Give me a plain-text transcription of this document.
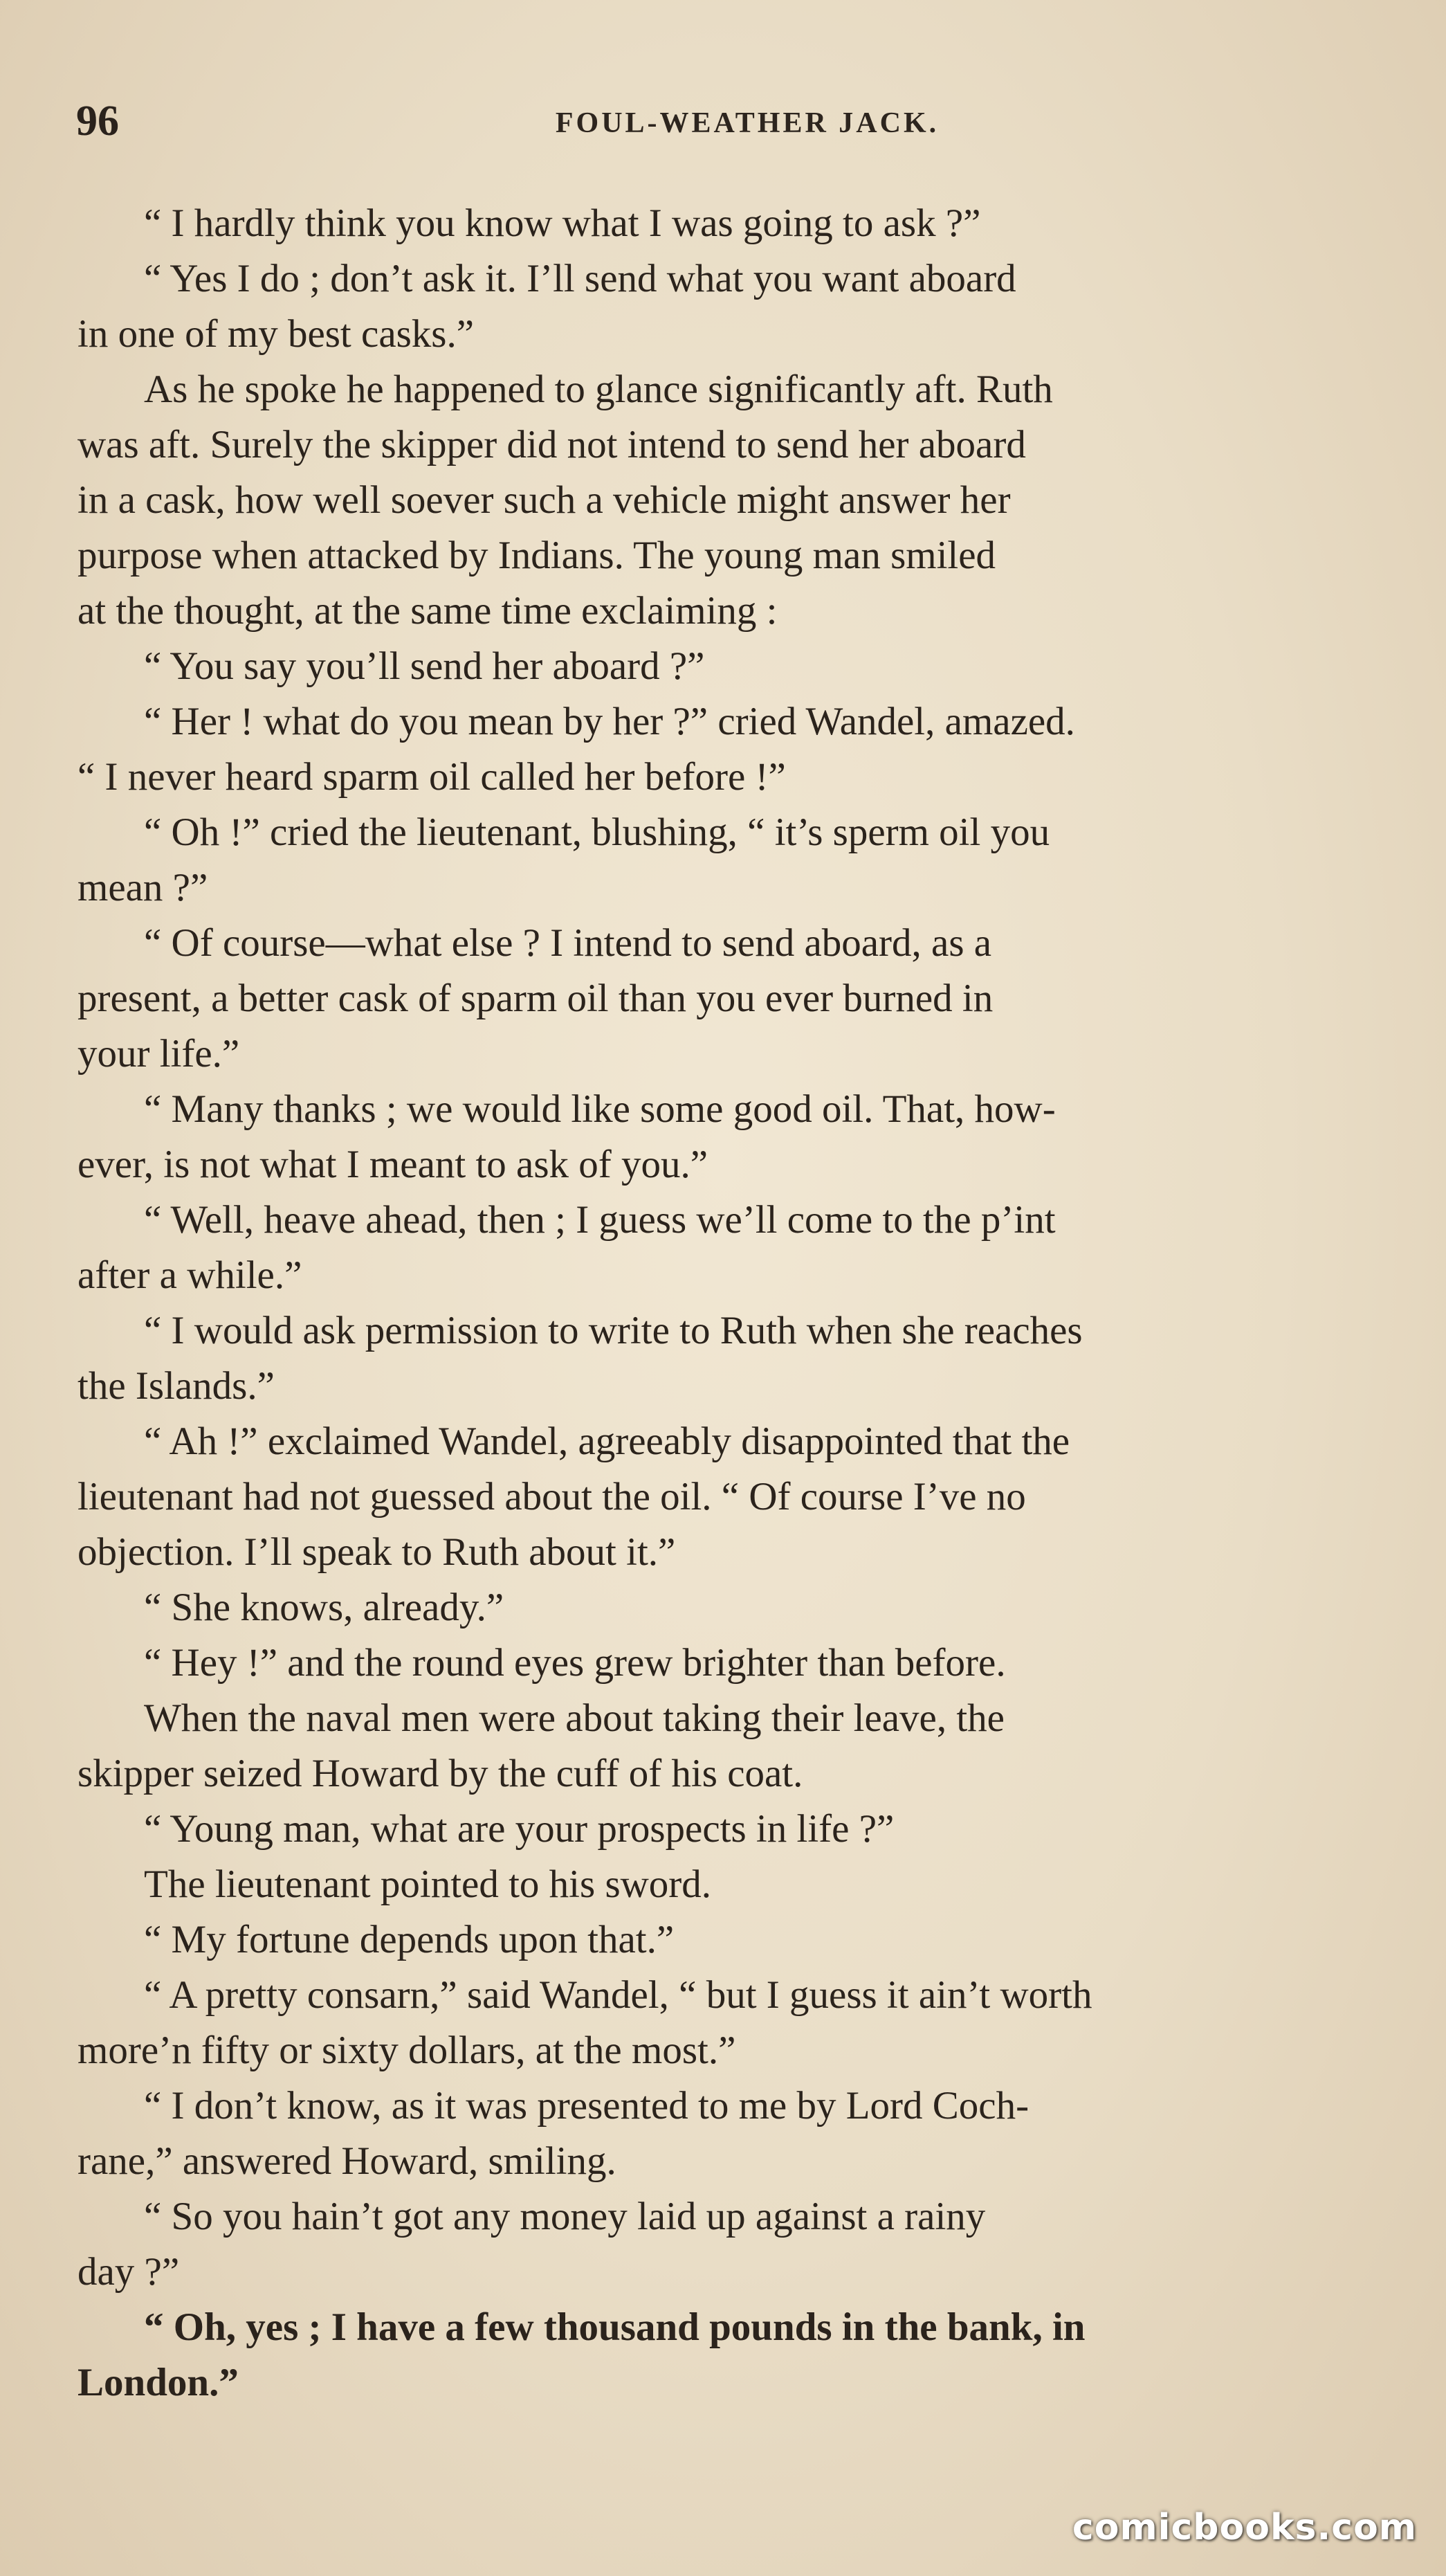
96	FOUL-WEATHER JACK.
“ I hardly think you know what I was going to ask ?”
“ Yes I do ; don’t ask it. I’ll send what you want aboard
in one of my best casks.”
As he spoke he happened to glance significantly aft. Ruth
was aft. Surely the skipper did not intend to send her aboard
in a cask, how well soever such a vehicle might answer her
purpose when attacked by Indians. The young man smiled
at the thought, at the same time exclaiming :
“ You say you’ll send her aboard ?”
“ Her ! what do you mean by her ?” cried Wandel, amazed.
“ I never heard sparm oil called her before !”
“ Oh !” cried the lieutenant, blushing, “ it’s sperm oil you
mean ?”
“ Of course—what else ? I intend to send aboard, as a
present, a better cask of sparm oil than you ever burned in
your life.”
“ Many thanks ; we would like some good oil. That, how-
ever, is not what I meant to ask of you.”
“ Well, heave ahead, then ; I guess we’ll come to the p’int
after a while.”
“ I would ask permission to write to Ruth when she reaches
the Islands.”
“ Ah !” exclaimed Wandel, agreeably disappointed that the
lieutenant had not guessed about the oil. “ Of course I’ve no
objection. I’ll speak to Ruth about it.”
“ She knows, already.”
“ Hey !” and the round eyes grew brighter than before.
When the naval men were about taking their leave, the
skipper seized Howard by the cuff of his coat.
“ Young man, what are your prospects in life ?”
The lieutenant pointed to his sword.
“ My fortune depends upon that.”
“ A pretty consarn,” said Wandel, “ but I guess it ain’t worth
more’n fifty or sixty dollars, at the most.”
“ I don’t know, as it was presented to me by Lord Coch-
rane,” answered Howard, smiling.
“ So you hain’t got any money laid up against a rainy
day ?”
“ Oh, yes ; I have a few thousand pounds in the bank, in
London.”
comicbooks.com
